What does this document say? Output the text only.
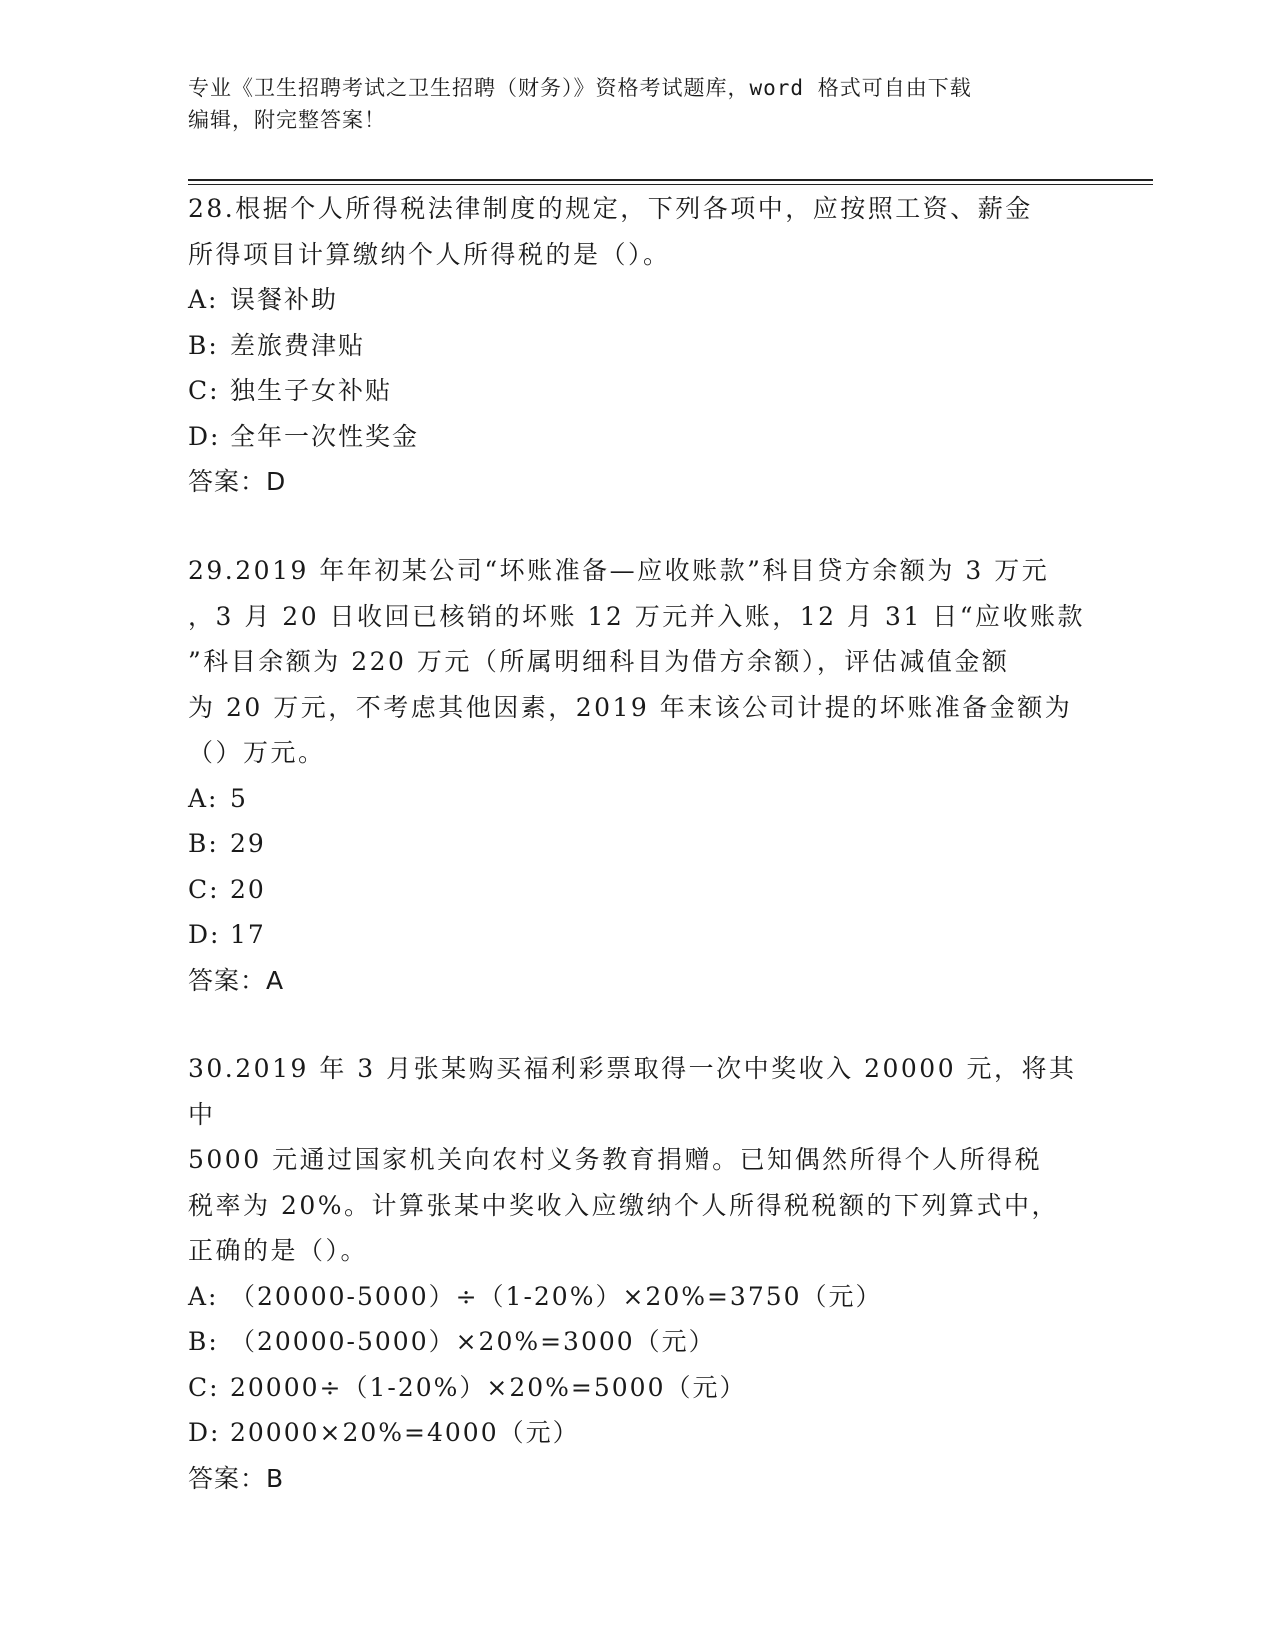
专业《卫生招聘考试之卫生招聘（财务）》资格考试题库，word 格式可自由下载
编辑，附完整答案！
28.根据个人所得税法律制度的规定，下列各项中，应按照工资、薪金
所得项目计算缴纳个人所得税的是（）。
A: 误餐补助
B: 差旅费津贴
C: 独生子女补贴
D: 全年一次性奖金
答案：D
29.2019 年年初某公司“坏账准备—应收账款”科目贷方余额为 3 万元
，3 月 20 日收回已核销的坏账 12 万元并入账，12 月 31 日“应收账款
”科目余额为 220 万元（所属明细科目为借方余额），评估减值金额
为 20 万元，不考虑其他因素，2019 年末该公司计提的坏账准备金额为
（）万元。
A: 5
B: 29
C: 20
D: 17
答案：A
30.2019 年 3 月张某购买福利彩票取得一次中奖收入 20000 元，将其中
5000 元通过国家机关向农村义务教育捐赠。已知偶然所得个人所得税
税率为 20%。计算张某中奖收入应缴纳个人所得税税额的下列算式中，
正确的是（）。
A: （20000-5000）÷（1-20%）×20%=3750（元）
B: （20000-5000）×20%=3000（元）
C: 20000÷（1-20%）×20%=5000（元）
D: 20000×20%=4000（元）
答案：B
